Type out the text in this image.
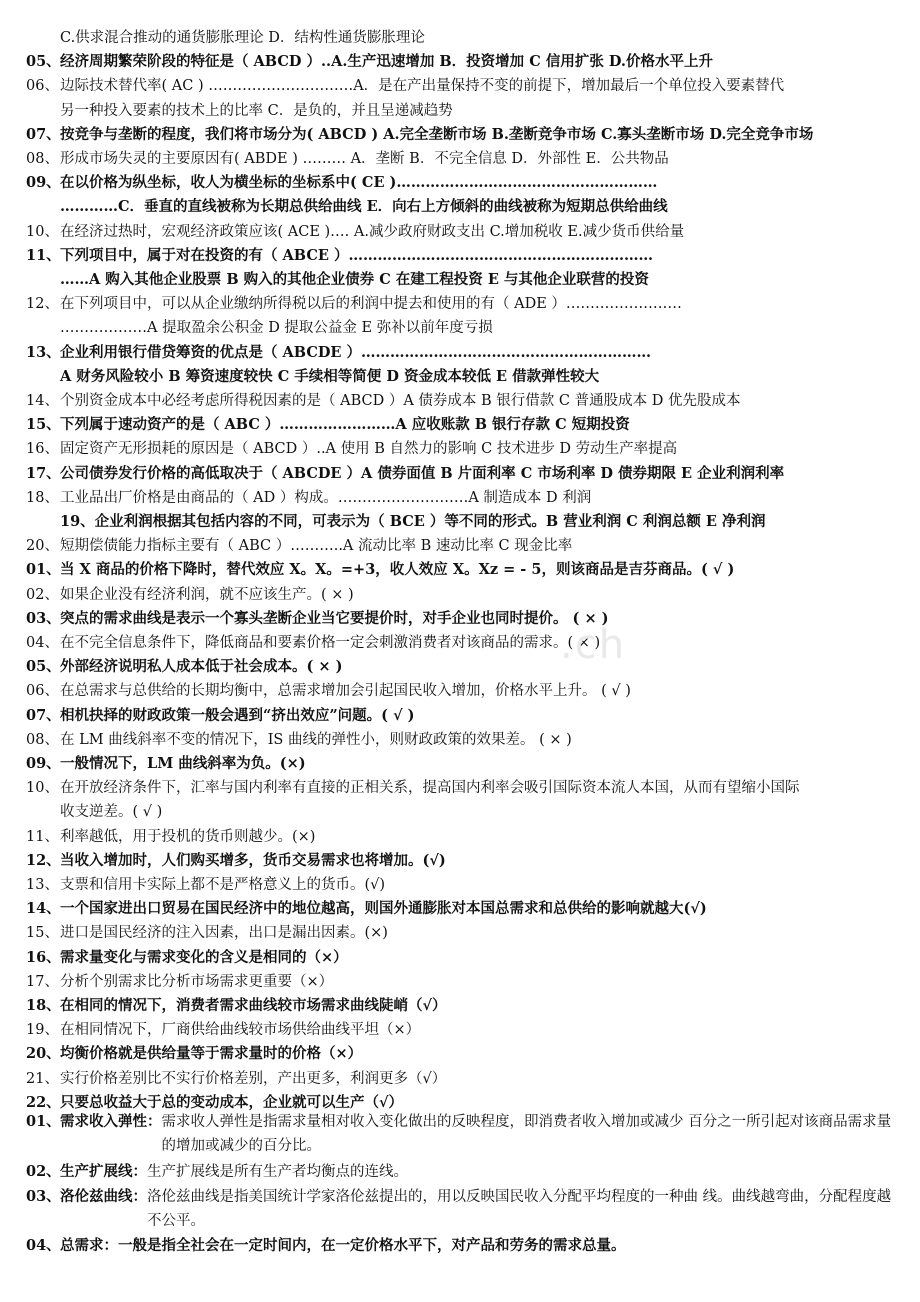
C.供求混合推动的通货膨胀理论 D．结构性通货膨胀理论
05、经济周期繁荣阶段的特征是（ ABCD ）..A.生产迅速增加 B．投资增加 C 信用扩张 D.价格水平上升
06、边际技术替代率( AC ) …………………………A．是在产出量保持不变的前提下，增加最后一个单位投入要素替代
另一种投入要素的技术上的比率 C．是负的，并且呈递减趋势
07、按竞争与垄断的程度，我们将市场分为( ABCD ) A.完全垄断市场 B.垄断竞争市场 C.寡头垄断市场 D.完全竞争市场
08、形成市场失灵的主要原因有( ABDE ) ……… A．垄断 B．不完全信息 D．外部性 E．公共物品
09、在以价格为纵坐标，收人为横坐标的坐标系中( CE )………………………………………………
…………C．垂直的直线被称为长期总供给曲线 E．向右上方倾斜的曲线被称为短期总供给曲线
10、在经济过热时，宏观经济政策应该( ACE )…. A.减少政府财政支出 C.增加税收 E.减少货币供给量
11、下列项目中，属于对在投资的有（ ABCE ）………………………………………………………
……A 购入其他企业股票 B 购入的其他企业债券 C 在建工程投资 E 与其他企业联营的投资
12、在下列项目中，可以从企业缴纳所得税以后的利润中提去和使用的有（ ADE ）……………………
………………A 提取盈余公积金 D 提取公益金 E 弥补以前年度亏损
13、企业利用银行借贷筹资的优点是（ ABCDE ）……………………………………………………
A 财务风险较小 B 筹资速度较快 C 手续相等简便 D 资金成本较低 E 借款弹性较大
14、个别资金成本中必经考虑所得税因素的是（ ABCD ）A 债券成本 B 银行借款 C 普通股成本 D 优先股成本
15、下列属于速动资产的是（ ABC ）……………………A 应收账款 B 银行存款 C 短期投资
16、固定资产无形损耗的原因是（ ABCD ）..A 使用 B 自然力的影响 C 技术进步 D 劳动生产率提高
17、公司债券发行价格的高低取决于（ ABCDE ）A 债券面值 B 片面利率 C 市场利率 D 债券期限 E 企业利润利率
18、工业品出厂价格是由商品的（ AD ）构成。………………………A 制造成本 D 利润
19、企业利润根据其包括内容的不同，可表示为（ BCE ）等不同的形式。B 营业利润 C 利润总额 E 净利润
20、短期偿债能力指标主要有（ ABC ）………..A 流动比率 B 速动比率 C 现金比率
01、当 X 商品的价格下降时，替代效应 X。X。=+3，收人效应 X。Xz = - 5，则该商品是吉芬商品。( √ )
02、如果企业没有经济利润，就不应该生产。( × )
03、突点的需求曲线是表示一个寡头垄断企业当它要提价时，对手企业也同时提价。 ( × )
04、在不完全信息条件下，降低商品和要素价格一定会刺激消费者对该商品的需求。( × )
05、外部经济说明私人成本低于社会成本。( × )
06、在总需求与总供给的长期均衡中，总需求增加会引起国民收入增加，价格水平上升。 ( √ )
07、相机抉择的财政政策一般会遇到“挤出效应”问题。( √ )
08、在 LM 曲线斜率不变的情况下，IS 曲线的弹性小，则财政政策的效果差。 ( × )
09、一般情况下，LM 曲线斜率为负。(×)
10、在开放经济条件下，汇率与国内利率有直接的正相关系，提高国内利率会吸引国际资本流人本国，从而有望缩小国际
收支逆差。( √ )
11、利率越低，用于投机的货币则越少。(×)
12、当收入增加时，人们购买增多，货币交易需求也将增加。(√)
13、支票和信用卡实际上都不是严格意义上的货币。(√)
14、一个国家进出口贸易在国民经济中的地位越高，则国外通膨胀对本国总需求和总供给的影响就越大(√)
15、进口是国民经济的注入因素，出口是漏出因素。(×)
16、需求量变化与需求变化的含义是相同的（×）
17、分析个别需求比分析市场需求更重要（×）
18、在相同的情况下，消费者需求曲线较市场需求曲线陡峭（√）
19、在相同情况下，厂商供给曲线较市场供给曲线平坦（×）
20、均衡价格就是供给量等于需求量时的价格（×）
21、实行价格差别比不实行价格差别，产出更多，利润更多（√）
22、只要总收益大于总的变动成本，企业就可以生产（√）
01、 需求收入弹性： 需求收人弹性是指需求量相对收入变化做出的反映程度，即消费者收入增加或减少 百分之一所引起对该商品需求量的增加或减少的百分比。
02、 生产扩展线： 生产扩展线是所有生产者均衡点的连线。
03、 洛伦兹曲线： 洛伦兹曲线是指美国统计学家洛伦兹提出的，用以反映国民收入分配平均程度的一种曲 线。曲线越弯曲，分配程度越不公平。
04、 总需求： 一般是指全社会在一定时间内，在一定价格水平下，对产品和劳务的需求总量。
.ch
